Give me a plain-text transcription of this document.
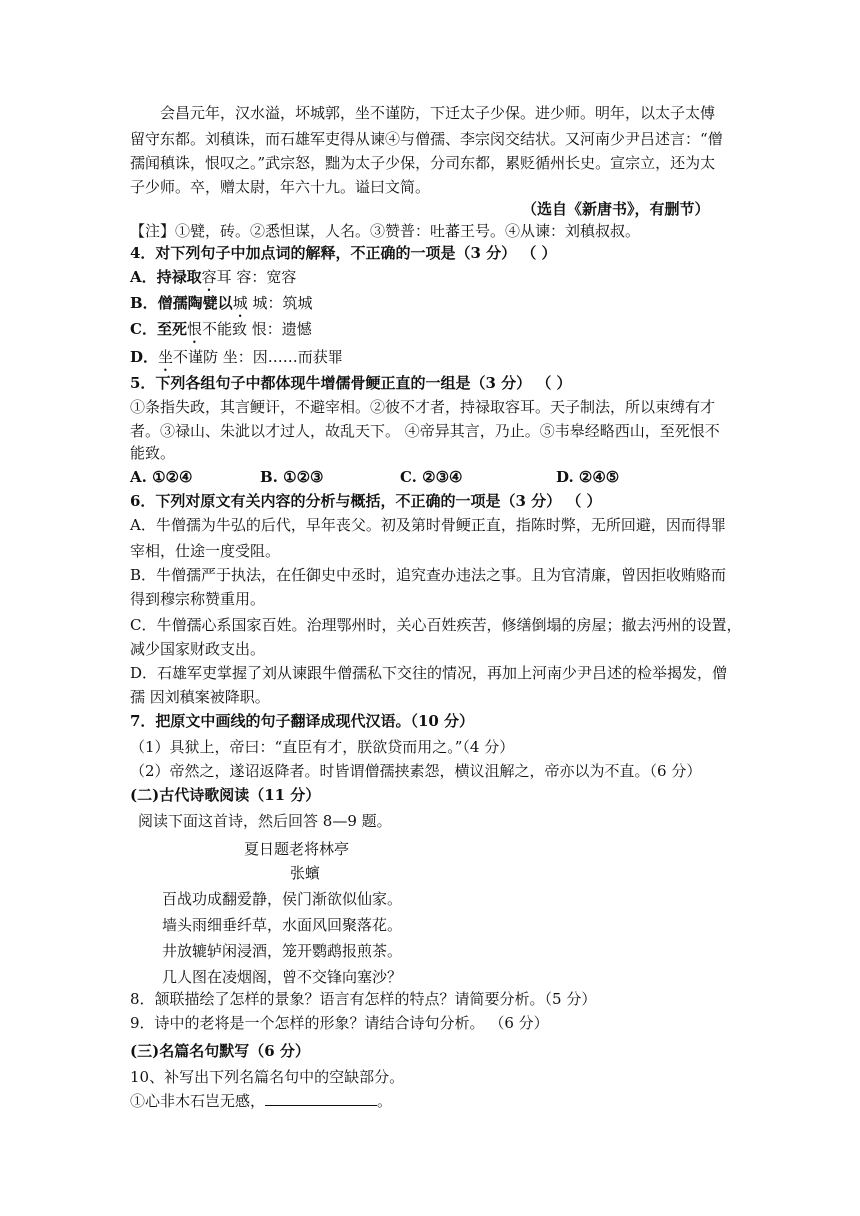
会昌元年，汉水溢，坏城郭，坐不谨防，下迁太子少保。进少师。明年，以太子太傅
留守东都。刘稹诛，而石雄军吏得从谏④与僧孺、李宗闵交结状。又河南少尹吕述言：“僧
孺闻稹诛，恨叹之。”武宗怒，黜为太子少保，分司东都，累贬循州长史。宣宗立，还为太
子少师。卒，赠太尉，年六十九。谥曰文简。
（选自《新唐书》，有删节）
【注】①甓，砖。②悉怛谋，人名。③赞普：吐蕃王号。④从谏：刘稹叔叔。
4．对下列句子中加点词的解释，不正确的一项是（3 分） （ ）
A．持禄取容耳 容：宽容
B．僧孺陶甓以城 城：筑城
C．至死恨不能致 恨：遗憾
D．坐不谨防 坐：因……而获罪
5．下列各组句子中都体现牛增儒骨鲠正直的一组是（3 分） （ ）
①条指失政，其言鲠讦，不避宰相。②彼不才者，持禄取容耳。天子制法，所以束缚有才
者。③禄山、朱泚以才过人，故乱天下。 ④帝异其言，乃止。⑤韦皋经略西山，至死恨不
能致。
A. ①②④	B. ①②③	C. ②③④	D. ②④⑤
6．下列对原文有关内容的分析与概括，不正确的一项是（3 分） （ ）
A．牛僧孺为牛弘的后代，早年丧父。初及第时骨鲠正直，指陈时弊，无所回避，因而得罪
宰相，仕途一度受阻。
B．牛僧孺严于执法，在任御史中丞时，追究查办违法之事。且为官清廉，曾因拒收贿赂而
得到穆宗称赞重用。
C．牛僧孺心系国家百姓。治理鄂州时，关心百姓疾苦，修缮倒塌的房屋；撤去沔州的设置，
减少国家财政支出。
D．石雄军吏掌握了刘从谏跟牛僧孺私下交往的情况，再加上河南少尹吕述的检举揭发，僧
孺 因刘稹案被降职。
7．把原文中画线的句子翻译成现代汉语。（10 分）
（1）具狱上，帝曰：“直臣有才，朕欲贷而用之。”（4 分）
（2）帝然之，遂诏返降者。时皆谓僧孺挟素怨，横议沮解之，帝亦以为不直。（6 分）
(二)古代诗歌阅读（11 分）
阅读下面这首诗，然后回答 8—9 题。
夏日题老将林亭
张蠙
百战功成翻爱静，侯门渐欲似仙家。
墙头雨细垂纤草，水面风回聚落花。
井放辘轳闲浸酒，笼开鹦鹉报煎茶。
几人图在凌烟阁，曾不交锋向塞沙？
8．颔联描绘了怎样的景象？语言有怎样的特点？请简要分析。（5 分）
9．诗中的老将是一个怎样的形象？请结合诗句分析。 （6 分）
(三)名篇名句默写（6 分）
10、补写出下列名篇名句中的空缺部分。
①心非木石岂无感，	。
